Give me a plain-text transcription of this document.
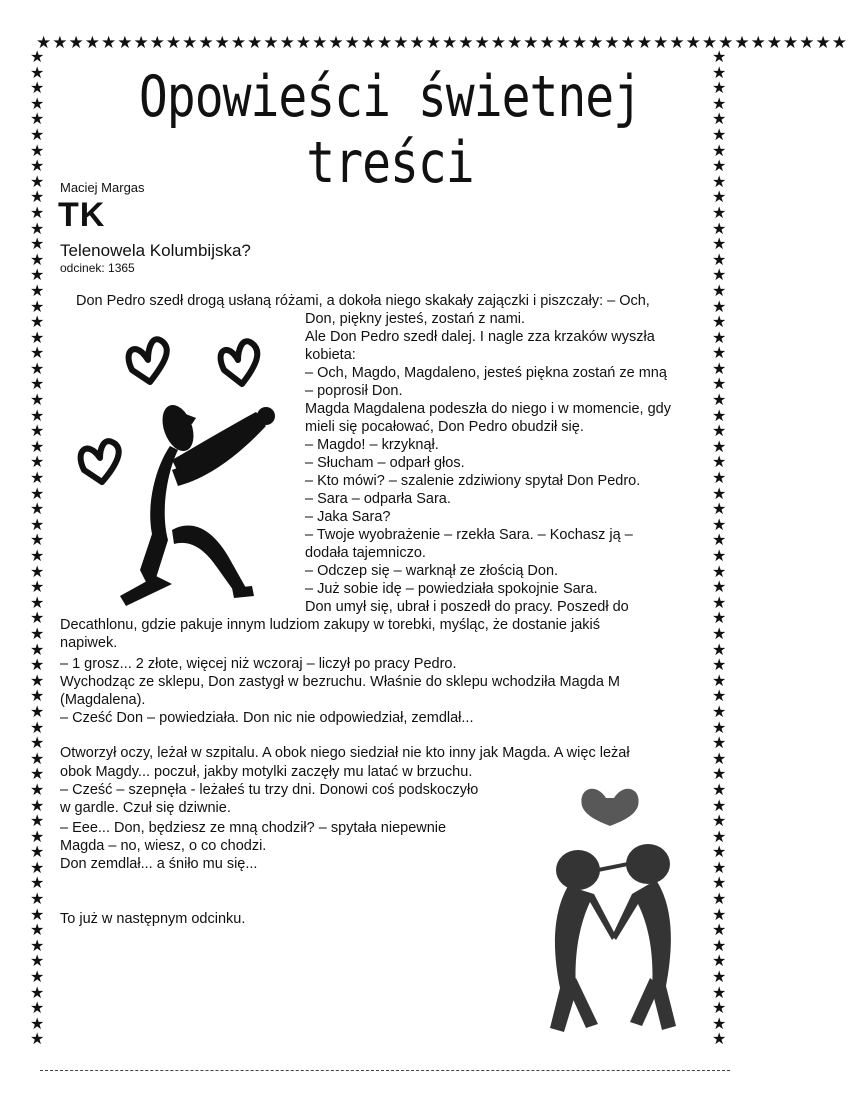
★★★★★★★★★★★★★★★★★★★★★★★★★★★★★★★★★★★★★★★★★★★★★★★★★★
★★★★★★★★★★★★★★★★★★★★★★★★★★★★★★★★★★★★★★★★★★★★★★★★★★★★★★★★★★★★★★★★
★★★★★★★★★★★★★★★★★★★★★★★★★★★★★★★★★★★★★★★★★★★★★★★★★★★★★★★★★★★★★★★★
Opowieści świetnej treści
Maciej Margas
TK
Telenowela Kolumbijska?
odcinek: 1365
Don Pedro szedł drogą usłaną różami, a dokoła niego skakały zajączki i piszczały: – Och,
Don, piękny jesteś, zostań z nami.
Ale Don Pedro szedł dalej. I nagle zza krzaków wyszła
kobieta:
– Och, Magdo, Magdaleno, jesteś piękna zostań ze mną
– poprosił Don.
Magda Magdalena podeszła do niego i w momencie, gdy
mieli się pocałować, Don Pedro obudził się.
– Magdo! – krzyknął.
– Słucham – odparł głos.
– Kto mówi? – szalenie zdziwiony spytał Don Pedro.
– Sara – odparła Sara.
– Jaka Sara?
– Twoje wyobrażenie – rzekła Sara. – Kochasz ją –
dodała tajemniczo.
– Odczep się – warknął ze złością Don.
– Już sobie idę – powiedziała spokojnie Sara.
Don umył się, ubrał i poszedł do pracy. Poszedł do
Decathlonu, gdzie pakuje innym ludziom zakupy w torebki, myśląc, że dostanie jakiś
napiwek.
– 1 grosz... 2 złote, więcej niż wczoraj – liczył po pracy Pedro.
Wychodząc ze sklepu, Don zastygł w bezruchu. Właśnie do sklepu wchodziła Magda M
(Magdalena).
– Cześć Don – powiedziała. Don nic nie odpowiedział, zemdlał...
Otworzył oczy, leżał w szpitalu. A obok niego siedział nie kto inny jak Magda. A więc leżał
obok Magdy... poczuł, jakby motylki zaczęły mu latać w brzuchu.
– Cześć – szepnęła - leżałeś tu trzy dni. Donowi coś podskoczyło
w gardle. Czuł się dziwnie.
– Eee... Don, będziesz ze mną chodził? – spytała niepewnie
Magda – no, wiesz, o co chodzi.
Don zemdlał... a śniło mu się...
To już w następnym odcinku.
